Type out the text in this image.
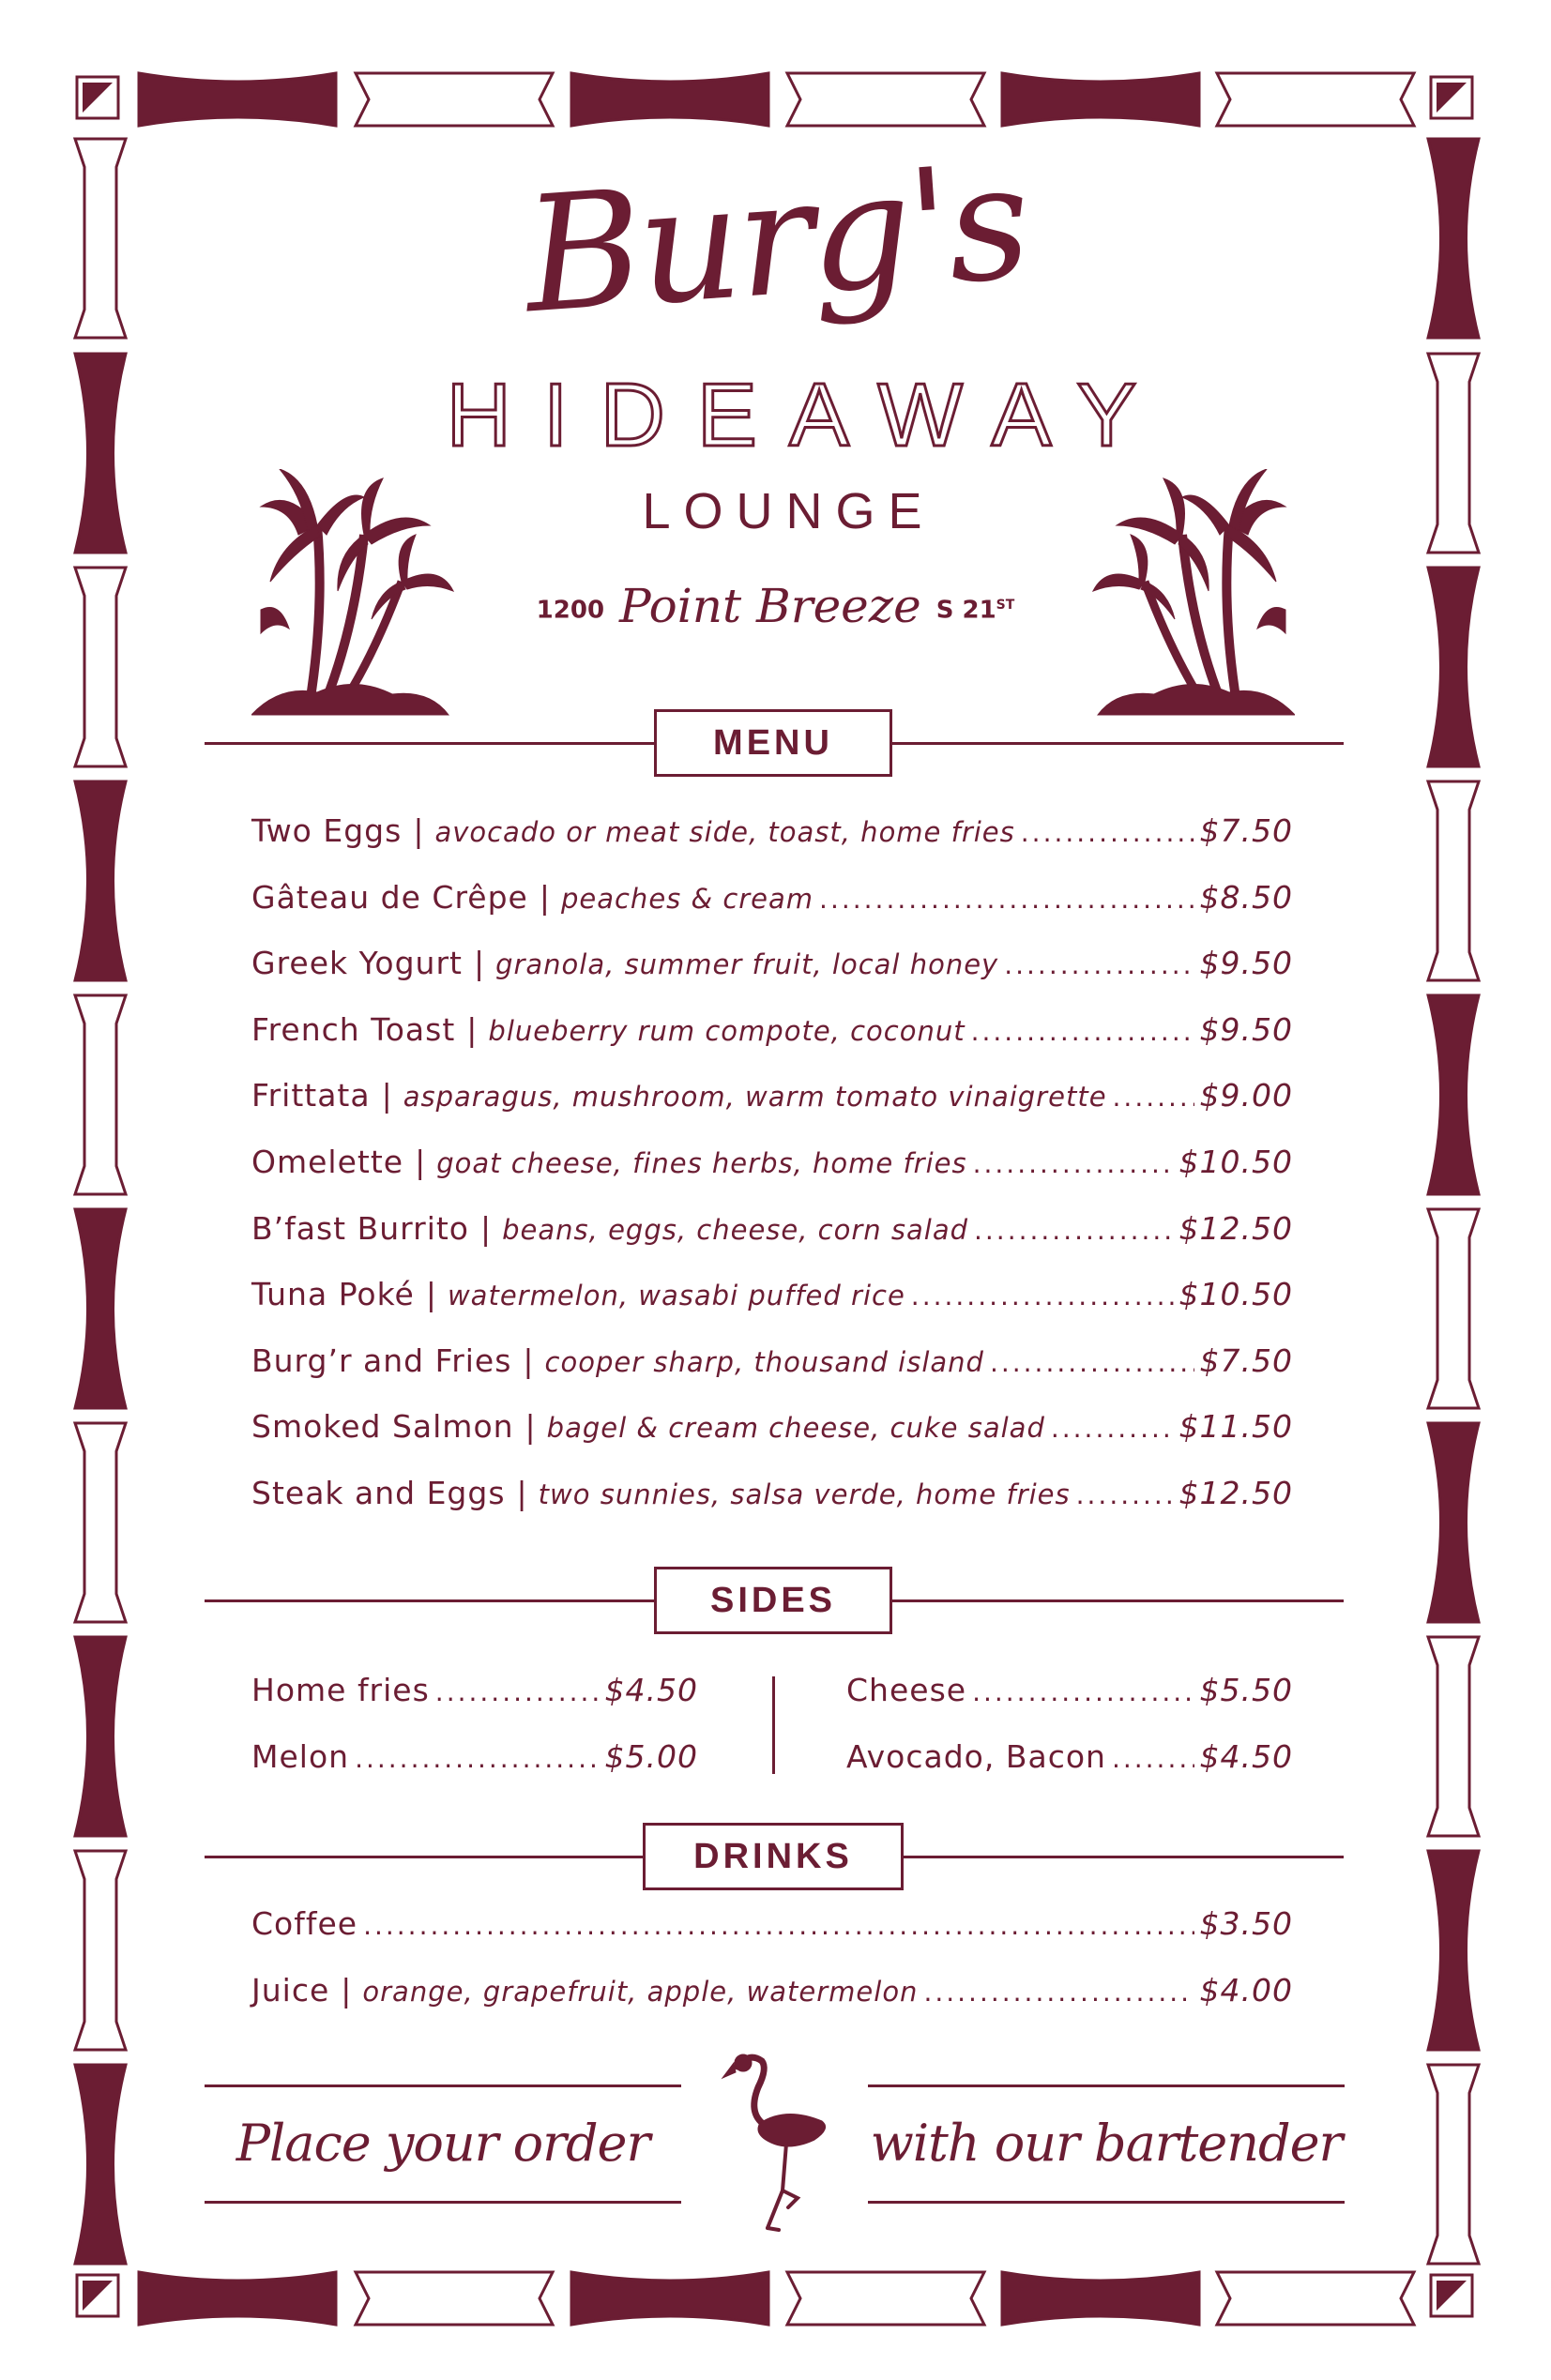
Burg's
HIDEAWAY
LOUNGE
1200 Point Breeze S 21ST
MENU
Two Eggs | avocado or meat side, toast, home fries .....	$7.50
Gâteau de Crêpe | peaches & cream .....	$8.50
Greek Yogurt | granola, summer fruit, local honey .....	$9.50
French Toast | blueberry rum compote, coconut .....	$9.50
Frittata | asparagus, mushroom, warm tomato vinaigrette .....	$9.00
Omelette | goat cheese, fines herbs, home fries .....	$10.50
B’fast Burrito | beans, eggs, cheese, corn salad .....	$12.50
Tuna Poké | watermelon, wasabi puffed rice .....	$10.50
Burg’r and Fries | cooper sharp, thousand island .....	$7.50
Smoked Salmon | bagel & cream cheese, cuke salad .....	$11.50
Steak and Eggs | two sunnies, salsa verde, home fries .....	$12.50
SIDES
Home fries .....	$4.50
Melon .....	$5.00
Cheese .....	$5.50
Avocado, Bacon .....	$4.50
DRINKS
Coffee .....	$3.50
Juice | orange, grapefruit, apple, watermelon .....	$4.00
Place your order	with our bartender
